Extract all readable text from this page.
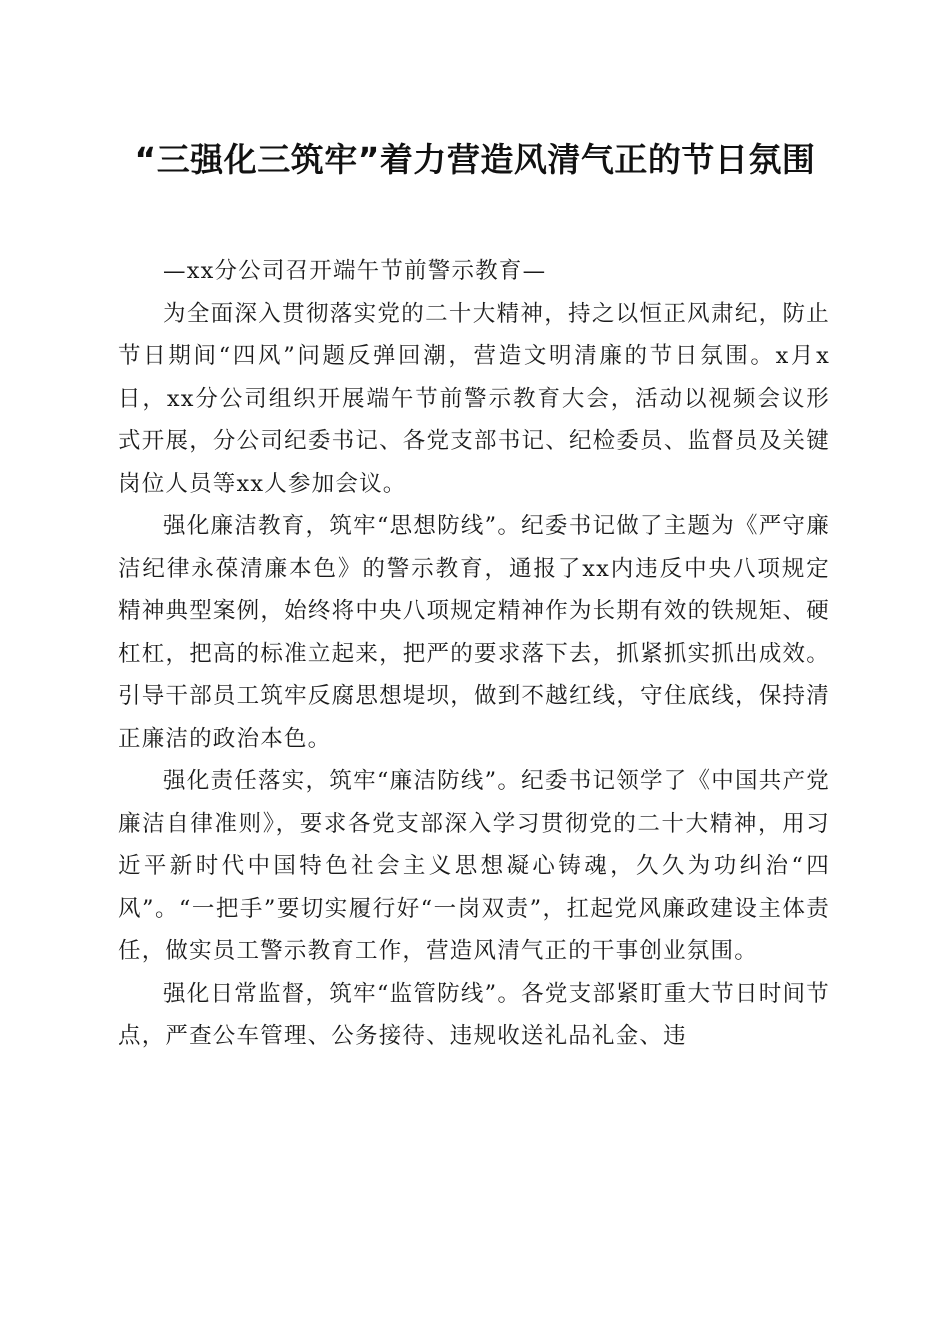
“三强化三筑牢”着力营造风清气正的节日氛围

—xx分公司召开端午节前警示教育—

为全面深入贯彻落实党的二十大精神，持之以恒正风肃纪，防止节日期间“四风”问题反弹回潮，营造文明清廉的节日氛围。x月x日，xx分公司组织开展端午节前警示教育大会，活动以视频会议形式开展，分公司纪委书记、各党支部书记、纪检委员、监督员及关键岗位人员等xx人参加会议。

强化廉洁教育，筑牢“思想防线”。纪委书记做了主题为《严守廉洁纪律永葆清廉本色》的警示教育，通报了xx内违反中央八项规定精神典型案例，始终将中央八项规定精神作为长期有效的铁规矩、硬杠杠，把高的标准立起来，把严的要求落下去，抓紧抓实抓出成效。引导干部员工筑牢反腐思想堤坝，做到不越红线，守住底线，保持清正廉洁的政治本色。

强化责任落实，筑牢“廉洁防线”。纪委书记领学了《中国共产党廉洁自律准则》，要求各党支部深入学习贯彻党的二十大精神，用习近平新时代中国特色社会主义思想凝心铸魂，久久为功纠治“四风”。“一把手”要切实履行好“一岗双责”，扛起党风廉政建设主体责任，做实员工警示教育工作，营造风清气正的干事创业氛围。

强化日常监督，筑牢“监管防线”。各党支部紧盯重大节日时间节点，严查公车管理、公务接待、违规收送礼品礼金、违
